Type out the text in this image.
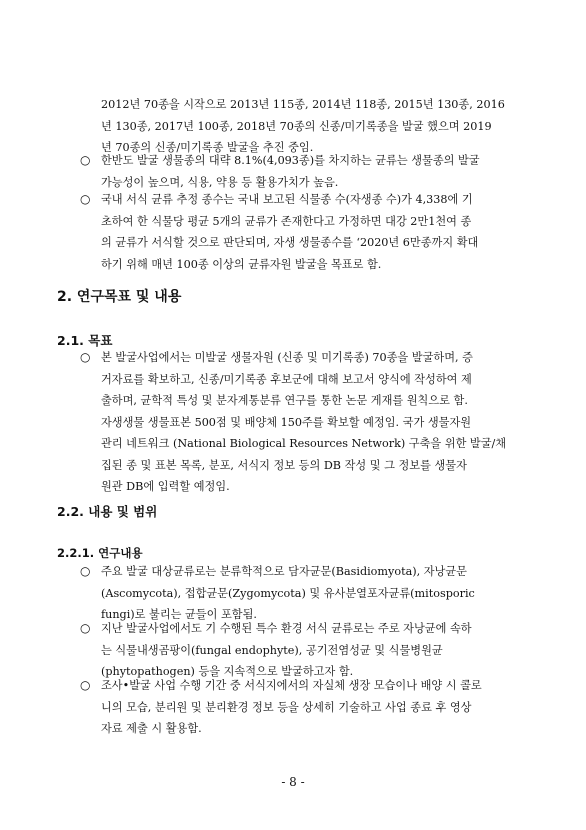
2012년 70종을 시작으로 2013년 115종, 2014년 118종, 2015년 130종, 2016
년 130종, 2017년 100종, 2018년 70종의 신종/미기록종을 발굴 했으며 2019
년 70종의 신종/미기록종 발굴을 추진 중임.
○ 한반도 발굴 생물종의 대략 8.1%(4,093종)를 차지하는 균류는 생물종의 발굴
가능성이 높으며, 식용, 약용 등 활용가치가 높음.
○ 국내 서식 균류 추정 종수는 국내 보고된 식물종 수(자생종 수)가 4,338에 기
초하여 한 식물당 평균 5개의 균류가 존재한다고 가정하면 대강 2만1천여 종
의 균류가 서식할 것으로 판단되며, 자생 생물종수를 ‘2020년 6만종까지 확대
하기 위해 매년 100종 이상의 균류자원 발굴을 목표로 함.
2. 연구목표 및 내용
2.1. 목표
○ 본 발굴사업에서는 미발굴 생물자원 (신종 및 미기록종) 70종을 발굴하며, 증
거자료를 확보하고, 신종/미기록종 후보군에 대해 보고서 양식에 작성하여 제
출하며, 균학적 특성 및 분자계통분류 연구를 통한 논문 게재를 원칙으로 함.
자생생물 생물표본 500점 및 배양체 150주를 확보할 예정임. 국가 생물자원
관리 네트워크 (National Biological Resources Network) 구축을 위한 발굴/채
집된 종 및 표본 목록, 분포, 서식지 정보 등의 DB 작성 및 그 정보를 생물자
원관 DB에 입력할 예정임.
2.2. 내용 및 범위
2.2.1. 연구내용
○ 주요 발굴 대상균류로는 분류학적으로 담자균문(Basidiomyota), 자낭균문
(Ascomycota), 접합균문(Zygomycota) 및 유사분열포자균류(mitosporic
fungi)로 불리는 균들이 포함됨.
○ 지난 발굴사업에서도 기 수행된 특수 환경 서식 균류로는 주로 자낭균에 속하
는 식물내생곰팡이(fungal endophyte), 공기전염성균 및 식물병원균
(phytopathogen) 등을 지속적으로 발굴하고자 함.
○ 조사•발굴 사업 수행 기간 중 서식지에서의 자실체 생장 모습이나 배양 시 콜로
니의 모습, 분리원 및 분리환경 정보 등을 상세히 기술하고 사업 종료 후 영상
자료 제출 시 활용함.
- 8 -
